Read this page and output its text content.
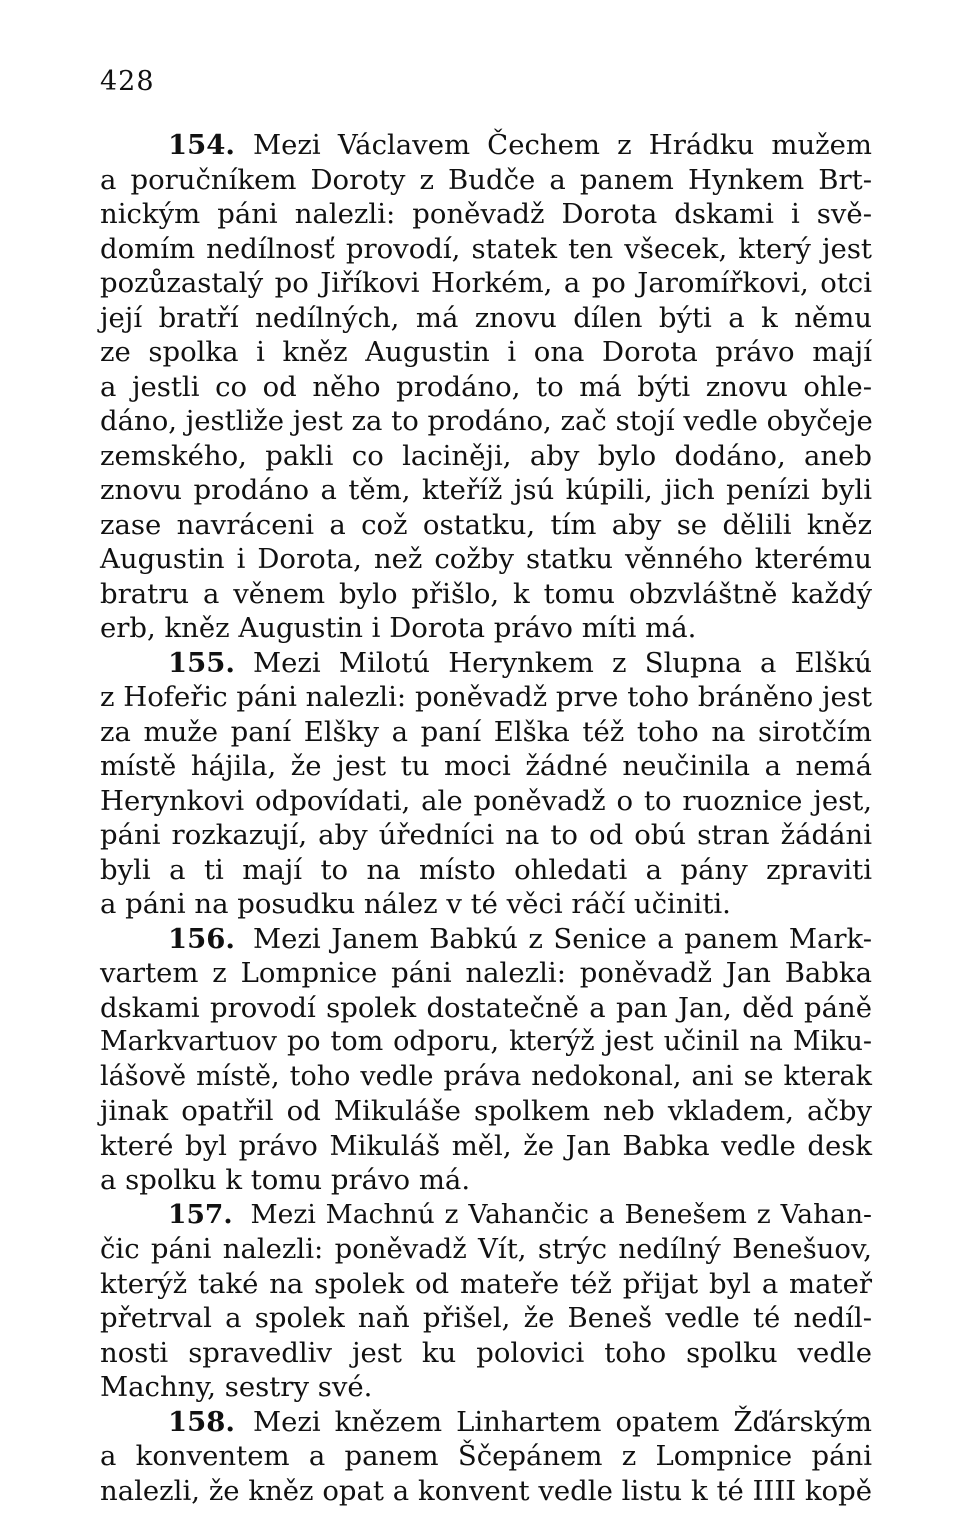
428
154. Mezi Václavem Čechem z Hrádku mužem
a poručníkem Doroty z Budče a panem Hynkem Brt-
nickým páni nalezli: poněvadž Dorota dskami i svě-
domím nedílnosť provodí, statek ten všecek, který jest
pozůzastalý po Jiříkovi Horkém, a po Jaromířkovi, otci
její bratří nedílných, má znovu dílen býti a k němu
ze spolka i kněz Augustin i ona Dorota právo mají
a jestli co od něho prodáno, to má býti znovu ohle-
dáno, jestliže jest za to prodáno, zač stojí vedle obyčeje
zemského, pakli co laciněji, aby bylo dodáno, aneb
znovu prodáno a těm, kteříž jsú kúpili, jich penízi byli
zase navráceni a což ostatku, tím aby se dělili kněz
Augustin i Dorota, než cožby statku věnného kterému
bratru a věnem bylo přišlo, k tomu obzvláštně každý
erb, kněz Augustin i Dorota právo míti má.
155. Mezi Milotú Herynkem z Slupna a Elškú
z Hofeřic páni nalezli: poněvadž prve toho bráněno jest
za muže paní Elšky a paní Elška též toho na sirotčím
místě hájila, že jest tu moci žádné neučinila a nemá
Herynkovi odpovídati, ale poněvadž o to ruoznice jest,
páni rozkazují, aby úředníci na to od obú stran žádáni
byli a ti mají to na místo ohledati a pány zpraviti
a páni na posudku nález v té věci ráčí učiniti.
156. Mezi Janem Babkú z Senice a panem Mark-
vartem z Lompnice páni nalezli: poněvadž Jan Babka
dskami provodí spolek dostatečně a pan Jan, děd páně
Markvartuov po tom odporu, kterýž jest učinil na Miku-
lášově místě, toho vedle práva nedokonal, ani se kterak
jinak opatřil od Mikuláše spolkem neb vkladem, ačby
které byl právo Mikuláš měl, že Jan Babka vedle desk
a spolku k tomu právo má.
157. Mezi Machnú z Vahančic a Benešem z Vahan-
čic páni nalezli: poněvadž Vít, strýc nedílný Benešuov,
kterýž také na spolek od mateře též přijat byl a mateř
přetrval a spolek naň přišel, že Beneš vedle té nedíl-
nosti spravedliv jest ku polovici toho spolku vedle
Machny, sestry své.
158. Mezi knězem Linhartem opatem Žďárským
a konventem a panem Ščepánem z Lompnice páni
nalezli, že kněz opat a konvent vedle listu k té IIII kopě
